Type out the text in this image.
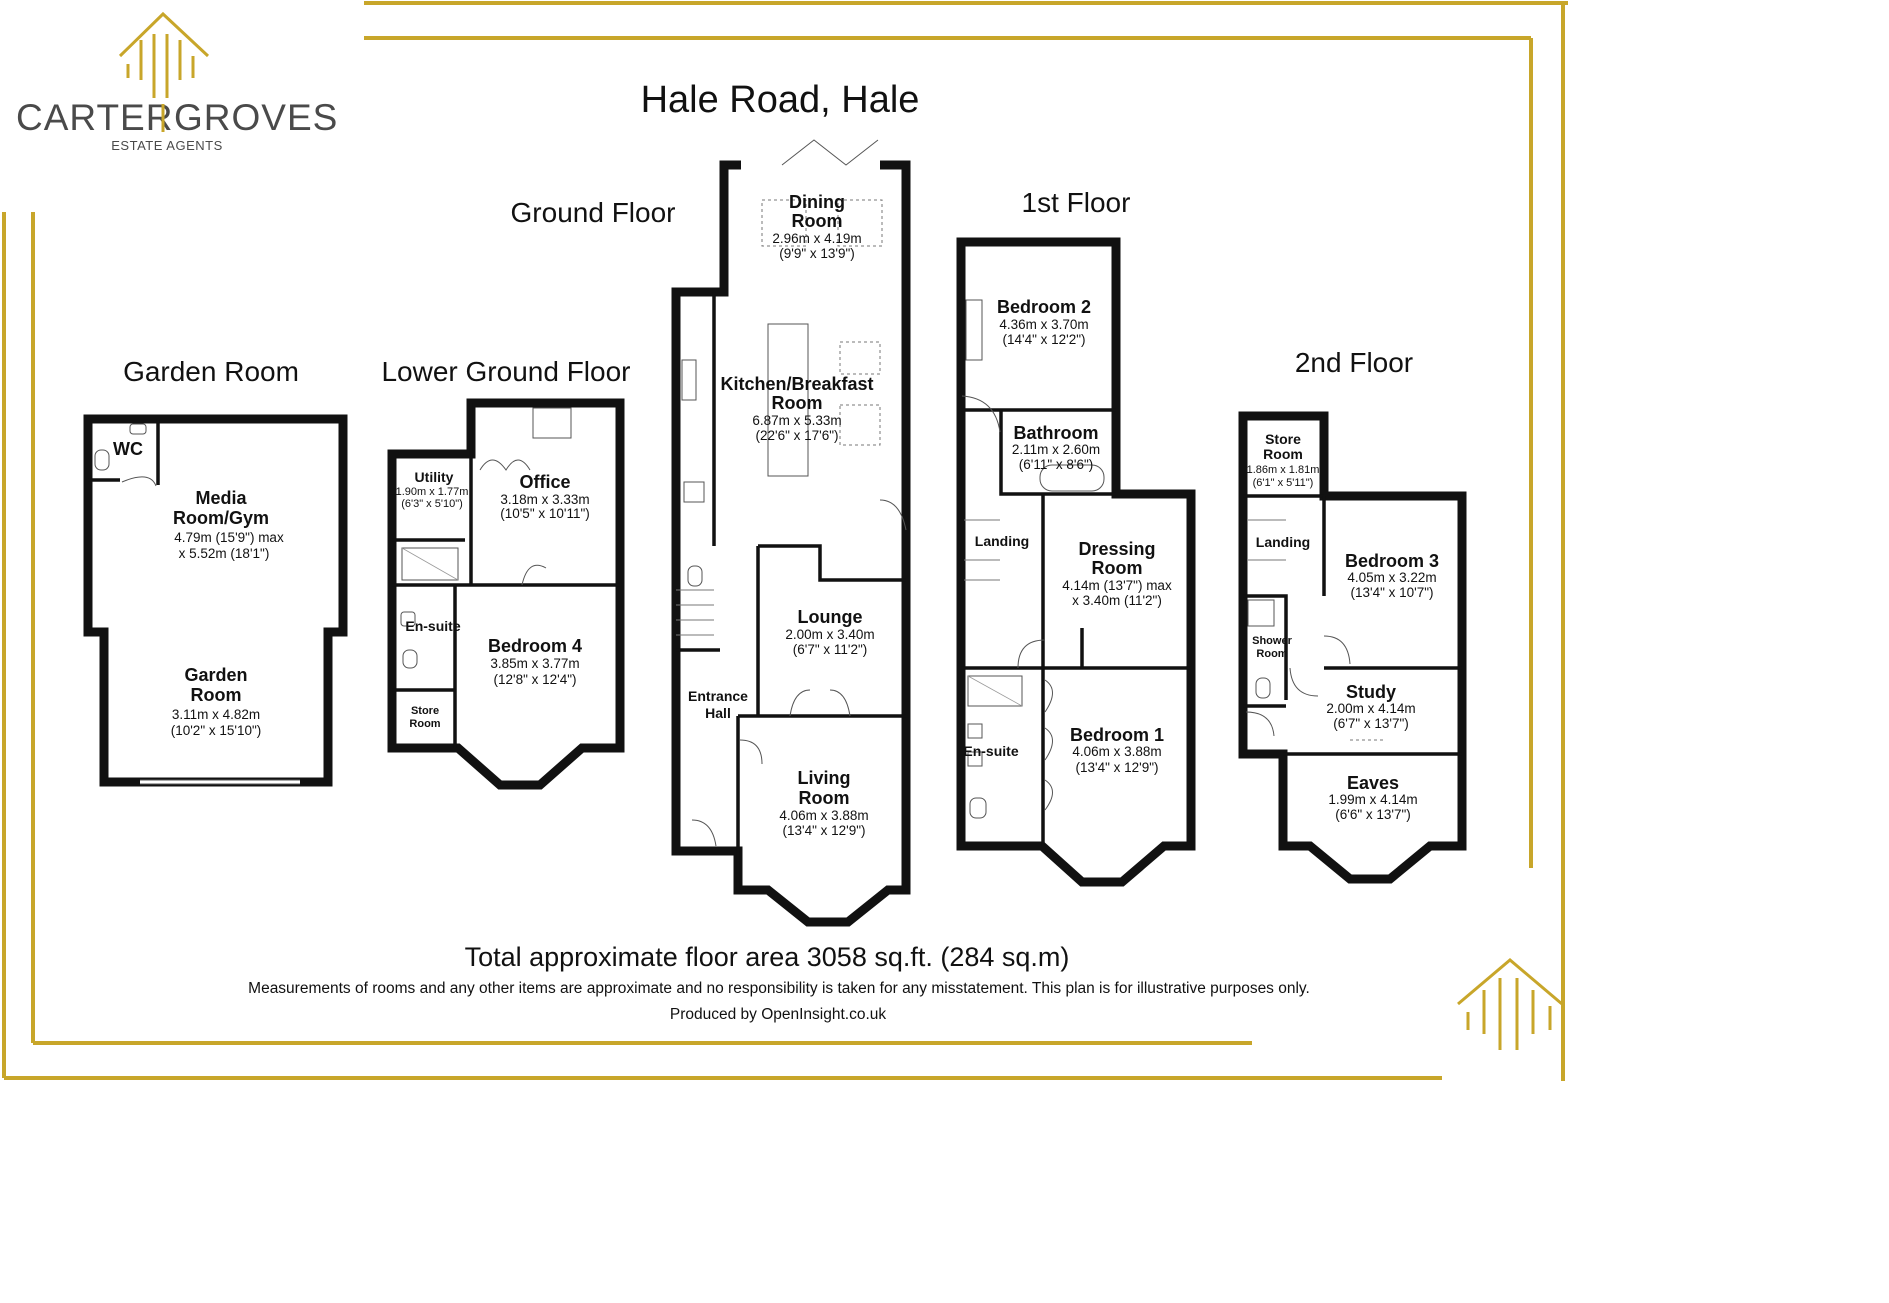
CARTER GROVES
ESTATE AGENTS
Hale Road, Hale
Garden Room	Lower Ground Floor
Ground Floor	1st Floor
2nd Floor
WC
Media
Room/Gym
4.79m (15'9") max
x 5.52m (18'1")
Garden
Room
3.11m x 4.82m
(10'2" x 15'10")
Utility
1.90m x 1.77m
(6'3" x 5'10")
Office
3.18m x 3.33m
(10'5" x 10'11")
En-suite
Bedroom 4
3.85m x 3.77m
(12'8" x 12'4")
Store
Room
Dining
Room
2.96m x 4.19m
(9'9" x 13'9")
Kitchen/Breakfast
Room
6.87m x 5.33m
(22'6" x 17'6")
Lounge
2.00m x 3.40m
(6'7" x 11'2")
Entrance
Hall
Living
Room
4.06m x 3.88m
(13'4" x 12'9")
Bedroom 2
4.36m x 3.70m
(14'4" x 12'2")
Bathroom
2.11m x 2.60m
(6'11" x 8'6")
Landing	Dressing
Room
4.14m (13'7") max
x 3.40m (11'2")
En-suite
Bedroom 1
4.06m x 3.88m
(13'4" x 12'9")
Store
Room
1.86m x 1.81m
(6'1" x 5'11")
Landing
Bedroom 3
4.05m x 3.22m
(13'4" x 10'7")
Shower
Room
Study
2.00m x 4.14m
(6'7" x 13'7")
Eaves
1.99m x 4.14m
(6'6" x 13'7")
Total approximate floor area 3058 sq.ft. (284 sq.m)
Measurements of rooms and any other items are approximate and no responsibility is taken for any misstatement. This plan is for illustrative purposes only.
Produced by OpenInsight.co.uk
